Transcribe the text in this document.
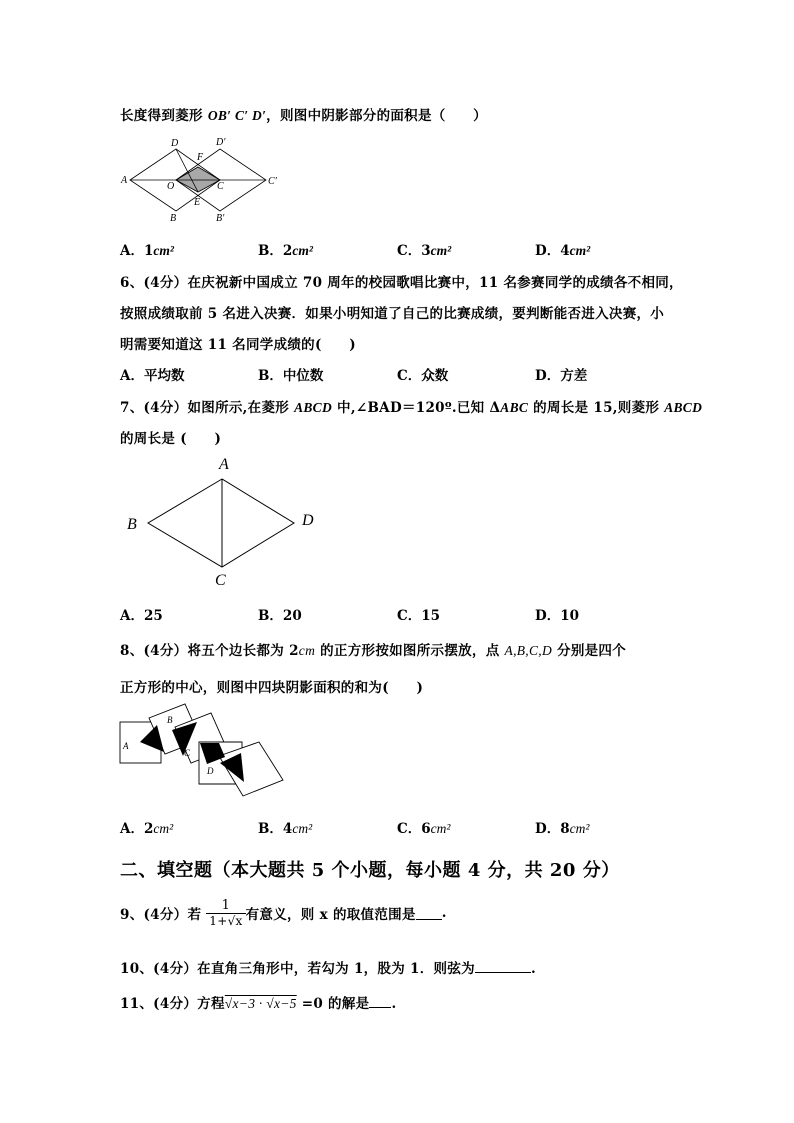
长度得到菱形 OB′ C′ D′，则图中阴影部分的面积是（　　）
A
D
F
D′
O	C	C′
B
E
B′
A．1cm²	B．2cm²	C．3cm²	D．4cm²
6、(4分）在庆祝新中国成立 70 周年的校园歌唱比赛中，11 名参赛同学的成绩各不相同，
按照成绩取前 5 名进入决赛．如果小明知道了自己的比赛成绩，要判断能否进入决赛，小
明需要知道这 11 名同学成绩的(　　)
A．平均数	B．中位数	C．众数	D．方差
7、(4分）如图所示,在菱形 ABCD 中,∠BAD＝120º.已知 ΔABC 的周长是 15,则菱形 ABCD
的周长是 (　　)
A
B
C
D
A．25	B．20	C．15	D．10
8、(4分）将五个边长都为 2cm 的正方形按如图所示摆放，点 A,B,C,D 分别是四个
正方形的中心，则图中四块阴影面积的和为(　　)
A
B
C
D
A．2cm²	B．4cm²	C．6cm²	D．8cm²
二、填空题（本大题共 5 个小题，每小题 4 分，共 20 分）
9、(4分）若 $\frac{1}{1+√x}$ 有意义，则 x 的取值范围是 .
10、(4分）在直角三角形中，若勾为 1，股为 1．则弦为	.
11、(4分）方程√x−3 · √x−5 =0 的解是 .
